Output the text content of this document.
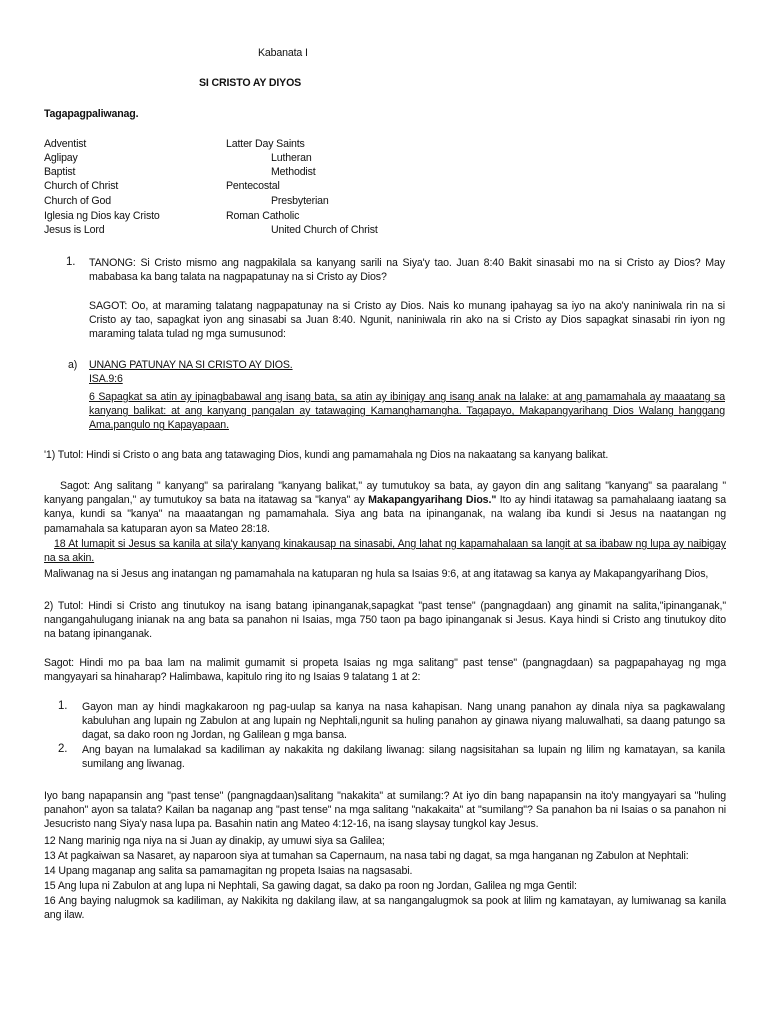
Kabanata I
SI CRISTO AY DIYOS
Tagapagpaliwanag.
Adventist
Aglipay
Baptist
Church of Christ
Church of God
Iglesia ng Dios kay Cristo
Jesus is Lord
Latter Day Saints
Lutheran
Methodist
Pentecostal
Presbyterian
Roman Catholic
United Church of Christ
1. TANONG: Si Cristo mismo ang nagpakilala sa kanyang sarili na Siya'y tao. Juan 8:40 Bakit sinasabi mo na si Cristo ay Dios? May mababasa ka bang talata na nagpapatunay na si Cristo ay Dios?
SAGOT: Oo, at maraming talatang nagpapatunay na si Cristo ay Dios. Nais ko munang ipahayag sa iyo na ako'y naniniwala rin na si Cristo ay tao, sapagkat iyon ang sinasabi sa Juan 8:40. Ngunit, naniniwala rin ako na si Cristo ay Dios sapagkat sinasabi rin iyon ng maraming talata tulad ng mga sumusunod:
a) UNANG PATUNAY NA SI CRISTO AY DIOS.
ISA.9:6
6 Sapagkat sa atin ay ipinagbabawal ang isang bata, sa atin ay ibinigay ang isang anak na lalake: at ang pamamahala ay maaatang sa kanyang balikat: at ang kanyang pangalan ay tatawaging Kamanghamangha. Tagapayo, Makapangyarihang Dios Walang hanggang Ama,pangulo ng Kapayapaan.
'1) Tutol: Hindi si Cristo o ang bata ang tatawaging Dios, kundi ang pamamahala ng Dios na nakaatang sa kanyang balikat.
Sagot: Ang salitang " kanyang" sa pariralang "kanyang balikat," ay tumutukoy sa bata, ay gayon din ang salitang "kanyang" sa paaralang " kanyang pangalan," ay tumutukoy sa bata na itatawag sa "kanya" ay Makapangyarihang Dios." Ito ay hindi itatawag sa pamahalaang iaatang sa kanya, kundi sa "kanya" na maaatangan ng pamamahala. Siya ang bata na ipinanganak, na walang iba kundi si Jesus na naatangan ng pamamahala sa katuparan ayon sa Mateo 28:18.
18 At lumapit si Jesus sa kanila at sila'y kanyang kinakausap na sinasabi, Ang lahat ng kapamahalaan sa langit at sa ibabaw ng lupa ay naibigay na sa akin.
Maliwanag na si Jesus ang inatangan ng pamamahala na katuparan ng hula sa Isaias 9:6, at ang itatawag sa kanya ay Makapangyarihang Dios,
2) Tutol: Hindi si Cristo ang tinutukoy na isang batang ipinanganak,sapagkat "past tense" (pangnagdaan) ang ginamit na salita,"ipinanganak," nangangahulugang inianak na ang bata sa panahon ni Isaias, mga 750 taon pa bago ipinanganak si Jesus. Kaya hindi si Cristo ang tinutukoy dito na batang ipinanganak.
Sagot: Hindi mo pa baa lam na malimit gumamit si propeta Isaias ng mga salitang" past tense" (pangnagdaan) sa pagpapahayag ng mga mangyayari sa hinaharap? Halimbawa, kapitulo ring ito ng Isaias 9 talatang 1 at 2:
1. Gayon man ay hindi magkakaroon ng pag-uulap sa kanya na nasa kahapisan. Nang unang panahon ay dinala niya sa pagkawalang kabuluhan ang lupain ng Zabulon at ang lupain ng Nephtali,ngunit sa huling panahon ay ginawa niyang maluwalhati, sa daang patungo sa dagat, sa dako roon ng Jordan, ng Galilean g mga bansa.
2. Ang bayan na lumalakad sa kadiliman ay nakakita ng dakilang liwanag: silang nagsisitahan sa lupain ng lilim ng kamatayan, sa kanila sumilang ang liwanag.
Iyo bang napapansin ang "past tense" (pangnagdaan)salitang "nakakita" at sumilang:? At iyo din bang napapansin na ito'y mangyayari sa "huling panahon" ayon sa talata? Kailan ba naganap ang "past tense" na mga salitang "nakakaita" at "sumilang"? Sa panahon ba ni Isaias o sa panahon ni Jesucristo nang Siya'y nasa lupa pa. Basahin natin ang Mateo 4:12-16, na isang slaysay tungkol kay Jesus.
12 Nang marinig nga niya na si Juan ay dinakip, ay umuwi siya sa Galilea;
13 At pagkaiwan sa Nasaret, ay naparoon siya at tumahan sa Capernaum, na nasa tabi ng dagat, sa mga hanganan ng Zabulon at Nephtali:
14 Upang maganap ang salita sa pamamagitan ng propeta Isaias na nagsasabi.
15 Ang lupa ni Zabulon at ang lupa ni Nephtali, Sa gawing dagat, sa dako pa roon ng Jordan, Galilea ng mga Gentil:
16 Ang baying nalugmok sa kadiliman, ay Nakikita ng dakilang ilaw, at sa nangangalugmok sa pook at lilim ng kamatayan, ay lumiwanag sa kanila ang ilaw.
